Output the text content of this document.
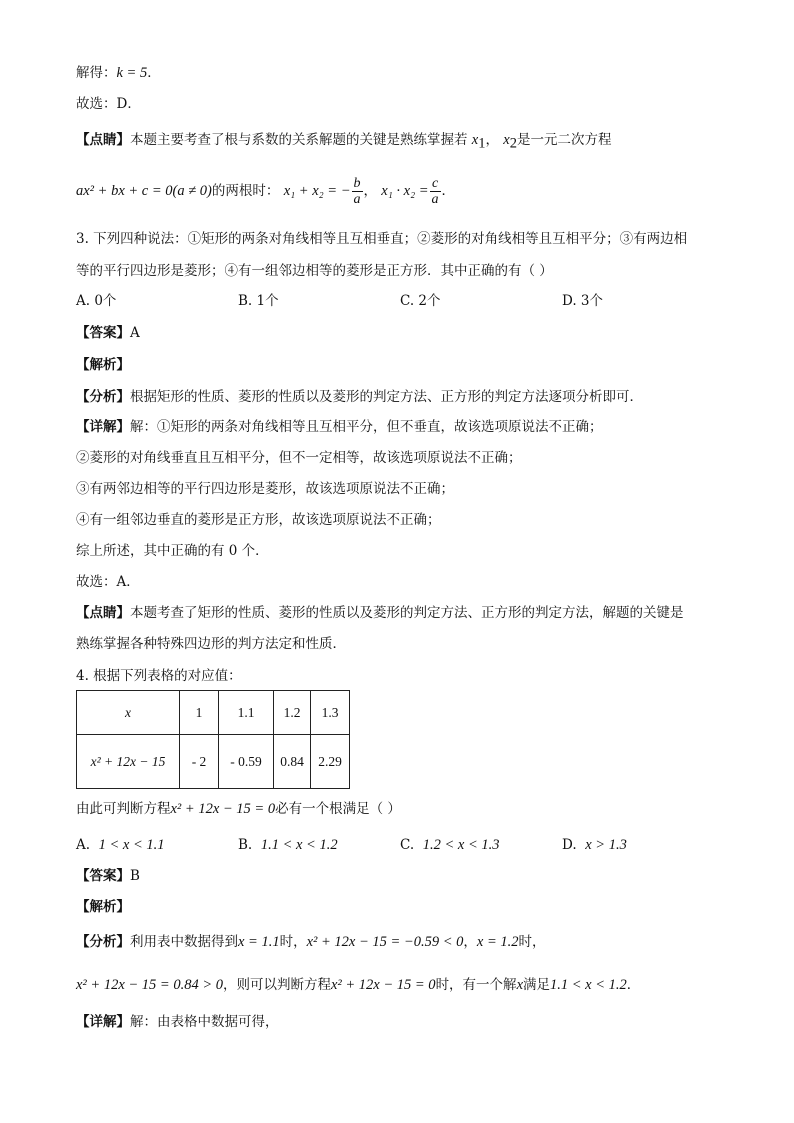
解得：k = 5．
故选：D．
【点睛】本题主要考查了根与系数的关系解题的关键是熟练掌握若 $x_1$， $x_2$是一元二次方程
ax² + bx + c = 0(a ≠ 0)的两根时： x₁ + x₂ = − $\frac{b}{a}$ ， $x_1 \cdot x_2 = \frac{c}{a}$ ．
3. 下列四种说法：①矩形的两条对角线相等且互相垂直；②菱形的对角线相等且互相平分；③有两边相
等的平行四边形是菱形；④有一组邻边相等的菱形是正方形．其中正确的有（ ）
A. 0个	B. 1个	C. 2个	D. 3个
【答案】A
【解析】
【分析】根据矩形的性质、菱形的性质以及菱形的判定方法、正方形的判定方法逐项分析即可．
【详解】解：①矩形的两条对角线相等且互相平分，但不垂直，故该选项原说法不正确；
②菱形的对角线垂直且互相平分，但不一定相等，故该选项原说法不正确；
③有两邻边相等的平行四边形是菱形，故该选项原说法不正确；
④有一组邻边垂直的菱形是正方形，故该选项原说法不正确；
综上所述，其中正确的有 0 个．
故选：A．
【点睛】本题考查了矩形的性质、菱形的性质以及菱形的判定方法、正方形的判定方法，解题的关键是
熟练掌握各种特殊四边形的判方法定和性质．
4. 根据下列表格的对应值：
x	1	1.1	1.2	1.3
x² + 12x − 15	- 2	- 0.59	0.84	2.29
由此可判断方程x² + 12x − 15 = 0必有一个根满足（ ）
A. 1 < x < 1.1	B. 1.1 < x < 1.2	C. 1.2 < x < 1.3	D. x > 1.3
【答案】B
【解析】
【分析】利用表中数据得到x = 1.1时，x² + 12x − 15 = −0.59 < 0，x = 1.2时，
x² + 12x − 15 = 0.84 > 0，则可以判断方程x² + 12x − 15 = 0时，有一个解x满足1.1 < x < 1.2．
【详解】解：由表格中数据可得，
